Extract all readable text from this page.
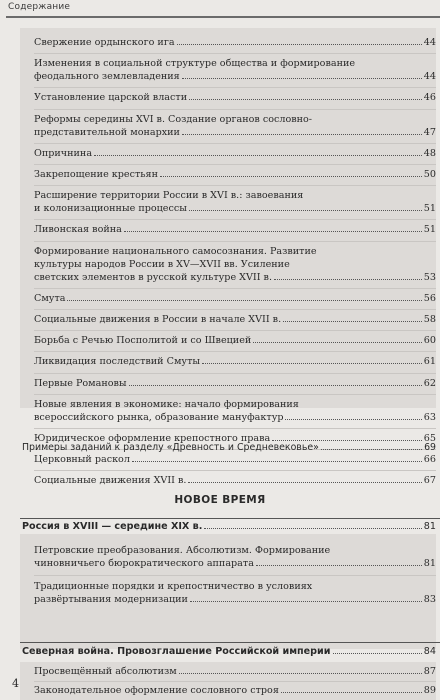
Содержание
Свержение ордынского ига	44
Изменения в социальной структуре общества и формирование
феодального землевладения	44
Установление царской власти	46
Реформы середины XVI в. Создание органов сословно-
представительной монархии	47
Опричнина	48
Закрепощение крестьян	50
Расширение территории России в XVI в.: завоевания
и колонизационные процессы	51
Ливонская война	51
Формирование национального самосознания. Развитие
культуры народов России в XV—XVII вв. Усиление
светских элементов в русской культуре XVII в.	53
Смута	56
Социальные движения в России в начале XVII в.	58
Борьба с Речью Посполитой и со Швецией	60
Ликвидация последствий Смуты	61
Первые Романовы	62
Новые явления в экономике: начало формирования
всероссийского рынка, образование мануфактур	63
Юридическое оформление крепостного права	65
Церковный раскол	66
Социальные движения XVII в.	67
Примеры заданий к разделу «Древность и Средневековье»	69
НОВОЕ ВРЕМЯ
Россия в XVIII — середине XIX в.	81
Петровские преобразования. Абсолютизм. Формирование
чиновничьего бюрократического аппарата	81
Традиционные порядки и крепостничество в условиях
развёртывания модернизации	83
Северная война. Провозглашение Российской империи	84
Просвещённый абсолютизм	87
Законодательное оформление сословного строя	89
4
